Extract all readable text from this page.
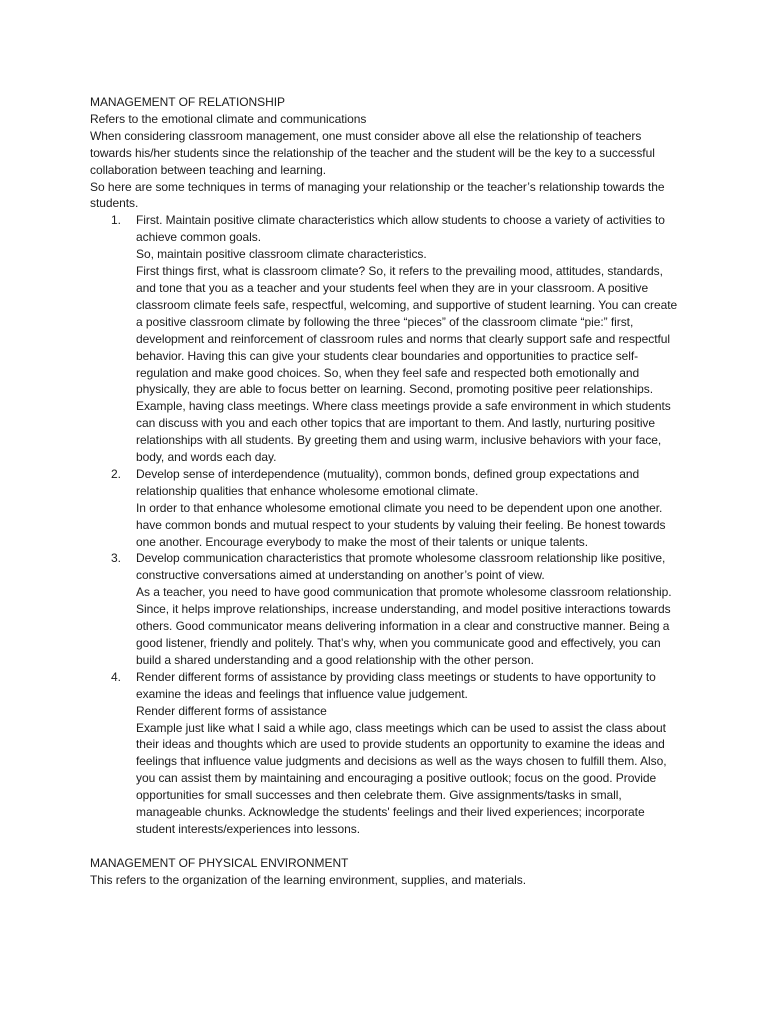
MANAGEMENT OF RELATIONSHIP

Refers to the emotional climate and communications

When considering classroom management, one must consider above all else the relationship of teachers towards his/her students since the relationship of the teacher and the student will be the key to a successful collaboration between teaching and learning.

So here are some techniques in terms of managing your relationship or the teacher’s relationship towards the students.

1. First. Maintain positive climate characteristics which allow students to choose a variety of activities to achieve common goals.

So, maintain positive classroom climate characteristics.

First things first, what is classroom climate? So, it refers to the prevailing mood, attitudes, standards, and tone that you as a teacher and your students feel when they are in your classroom. A positive classroom climate feels safe, respectful, welcoming, and supportive of student learning. You can create a positive classroom climate by following the three “pieces” of the classroom climate “pie:” first, development and reinforcement of classroom rules and norms that clearly support safe and respectful behavior. Having this can give your students clear boundaries and opportunities to practice self-regulation and make good choices. So, when they feel safe and respected both emotionally and physically, they are able to focus better on learning. Second, promoting positive peer relationships. Example, having class meetings. Where class meetings provide a safe environment in which students can discuss with you and each other topics that are important to them. And lastly, nurturing positive relationships with all students. By greeting them and using warm, inclusive behaviors with your face, body, and words each day.

2. Develop sense of interdependence (mutuality), common bonds, defined group expectations and relationship qualities that enhance wholesome emotional climate.

In order to that enhance wholesome emotional climate you need to be dependent upon one another. have common bonds and mutual respect to your students by valuing their feeling. Be honest towards one another. Encourage everybody to make the most of their talents or unique talents.

3. Develop communication characteristics that promote wholesome classroom relationship like positive, constructive conversations aimed at understanding on another’s point of view.

As a teacher, you need to have good communication that promote wholesome classroom relationship. Since, it helps improve relationships, increase understanding, and model positive interactions towards others. Good communicator means delivering information in a clear and constructive manner. Being a good listener, friendly and politely. That’s why, when you communicate good and effectively, you can build a shared understanding and a good relationship with the other person.

4. Render different forms of assistance by providing class meetings or students to have opportunity to examine the ideas and feelings that influence value judgement.

Render different forms of assistance

Example just like what I said a while ago, class meetings which can be used to assist the class about their ideas and thoughts which are used to provide students an opportunity to examine the ideas and feelings that influence value judgments and decisions as well as the ways chosen to fulfill them. Also, you can assist them by maintaining and encouraging a positive outlook; focus on the good. Provide opportunities for small successes and then celebrate them. Give assignments/tasks in small, manageable chunks. Acknowledge the students' feelings and their lived experiences; incorporate student interests/experiences into lessons.

MANAGEMENT OF PHYSICAL ENVIRONMENT

This refers to the organization of the learning environment, supplies, and materials.
